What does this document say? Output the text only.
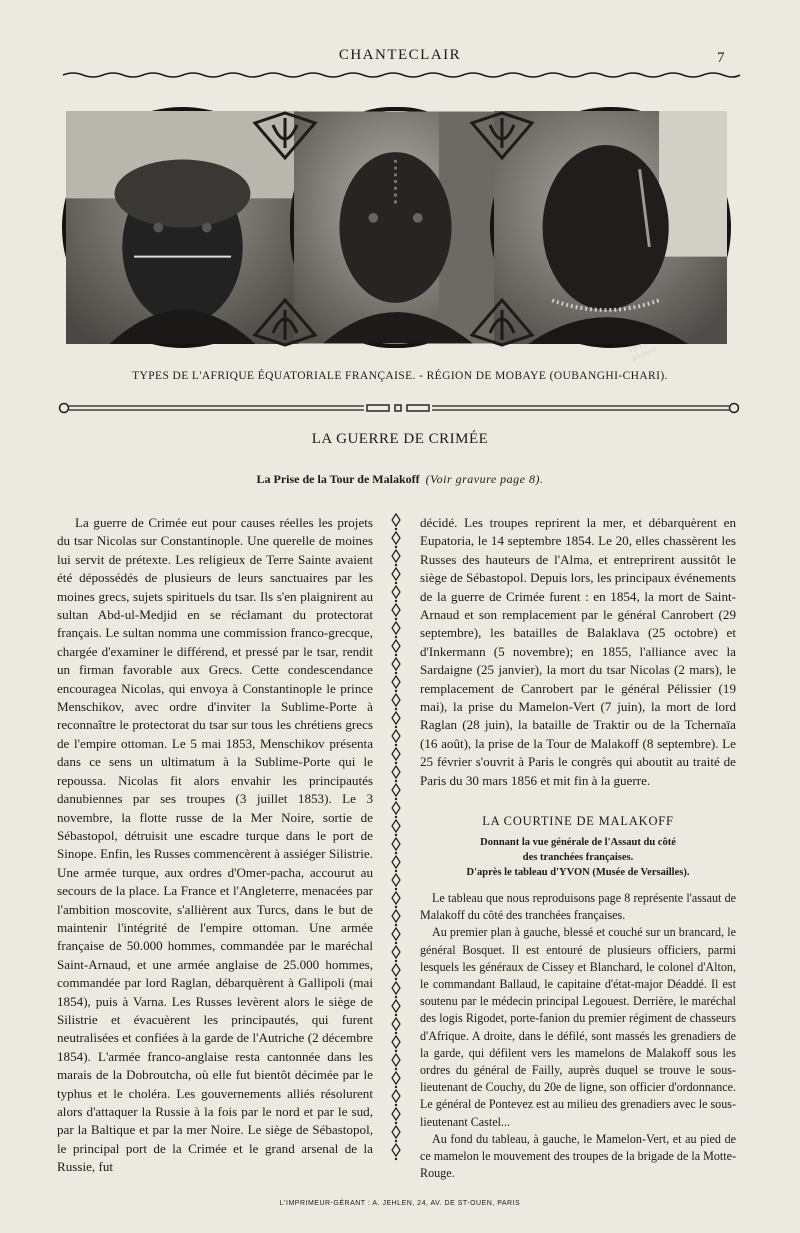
CHANTECLAIR	7
Richard
TYPES DE L'AFRIQUE ÉQUATORIALE FRANÇAISE. - RÉGION DE MOBAYE (OUBANGHI-CHARI).
LA GUERRE DE CRIMÉE
La Prise de la Tour de Malakoff (Voir gravure page 8).

La guerre de Crimée eut pour causes réelles les projets du tsar Nicolas sur Constantinople. Une querelle de moines lui servit de prétexte. Les religieux de Terre Sainte avaient été dépossédés de plusieurs de leurs sanctuaires par les moines grecs, sujets spirituels du tsar. Ils s'en plaignirent au sultan Abd-ul-Medjid en se réclamant du protectorat français. Le sultan nomma une commission franco-grecque, chargée d'examiner le différend, et pressé par le tsar, rendit un firman favorable aux Grecs. Cette condescendance encouragea Nicolas, qui envoya à Constantinople le prince Menschikov, avec ordre d'inviter la Sublime-Porte à reconnaître le protectorat du tsar sur tous les chrétiens grecs de l'empire ottoman. Le 5 mai 1853, Menschikov présenta dans ce sens un ultimatum à la Sublime-Porte qui le repoussa. Nicolas fit alors envahir les principautés danubiennes par ses troupes (3 juillet 1853). Le 3 novembre, la flotte russe de la Mer Noire, sortie de Sébastopol, détruisit une escadre turque dans le port de Sinope. Enfin, les Russes commencèrent à assiéger Silistrie. Une armée turque, aux ordres d'Omer-pacha, accourut au secours de la place. La France et l'Angleterre, menacées par l'ambition moscovite, s'allièrent aux Turcs, dans le but de maintenir l'intégrité de l'empire ottoman. Une armée française de 50.000 hommes, commandée par le maréchal Saint-Arnaud, et une armée anglaise de 25.000 hommes, commandée par lord Raglan, débarquèrent à Gallipoli (mai 1854), puis à Varna. Les Russes levèrent alors le siège de Silistrie et évacuèrent les principautés, qui furent neutralisées et confiées à la garde de l'Autriche (2 décembre 1854). L'armée franco-anglaise resta cantonnée dans les marais de la Dobroutcha, où elle fut bientôt décimée par le typhus et le choléra. Les gouvernements alliés résolurent alors d'attaquer la Russie à la fois par le nord et par le sud, par la Baltique et par la mer Noire. Le siège de Sébastopol, le principal port de la Crimée et le grand arsenal de la Russie, fut

décidé. Les troupes reprirent la mer, et débarquèrent en Eupatoria, le 14 septembre 1854. Le 20, elles chassèrent les Russes des hauteurs de l'Alma, et entreprirent aussitôt le siège de Sébastopol. Depuis lors, les principaux événements de la guerre de Crimée furent : en 1854, la mort de Saint-Arnaud et son remplacement par le général Canrobert (29 septembre), les batailles de Balaklava (25 octobre) et d'Inkermann (5 novembre); en 1855, l'alliance avec la Sardaigne (25 janvier), la mort du tsar Nicolas (2 mars), le remplacement de Canrobert par le général Pélissier (19 mai), la prise du Mamelon-Vert (7 juin), la mort de lord Raglan (28 juin), la bataille de Traktir ou de la Tchernaïa (16 août), la prise de la Tour de Malakoff (8 septembre). Le 25 février s'ouvrit à Paris le congrès qui aboutit au traité de Paris du 30 mars 1856 et mit fin à la guerre.

LA COURTINE DE MALAKOFF
Donnant la vue générale de l'Assaut du côté
des tranchées françaises.
D'après le tableau d'YVON (Musée de Versailles).

Le tableau que nous reproduisons page 8 représente l'assaut de Malakoff du côté des tranchées françaises.

Au premier plan à gauche, blessé et couché sur un brancard, le général Bosquet. Il est entouré de plusieurs officiers, parmi lesquels les généraux de Cissey et Blanchard, le colonel d'Alton, le commandant Ballaud, le capitaine d'état-major Déaddé. Il est soutenu par le médecin principal Legouest. Derrière, le maréchal des logis Rigodet, porte-fanion du premier régiment de chasseurs d'Afrique. A droite, dans le défilé, sont massés les grenadiers de la garde, qui défilent vers les mamelons de Malakoff sous les ordres du général de Failly, auprès duquel se trouve le sous-lieutenant de Couchy, du 20e de ligne, son officier d'ordonnance. Le général de Pontevez est au milieu des grenadiers avec le sous-lieutenant Castel...

Au fond du tableau, à gauche, le Mamelon-Vert, et au pied de ce mamelon le mouvement des troupes de la brigade de la Motte-Rouge.

L'IMPRIMEUR-GÉRANT : A. JEHLEN, 24, AV. DE ST-OUEN, PARIS
